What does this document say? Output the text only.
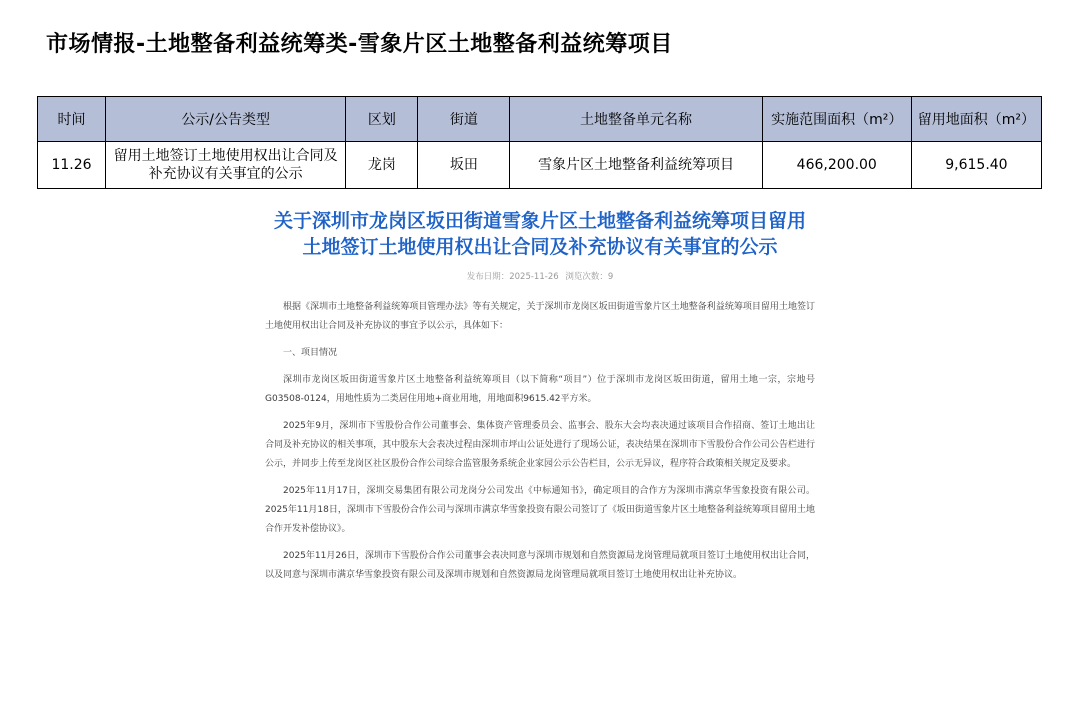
市场情报-土地整备利益统筹类-雪象片区土地整备利益统筹项目
时间	公示/公告类型	区划	街道	土地整备单元名称	实施范围面积（m²）	留用地面积（m²）
11.26	留用土地签订土地使用权出让合同及补充协议有关事宜的公示	龙岗	坂田	雪象片区土地整备利益统筹项目	466,200.00	9,615.40
关于深圳市龙岗区坂田街道雪象片区土地整备利益统筹项目留用土地签订土地使用权出让合同及补充协议有关事宜的公示
发布日期：2025-11-26 浏览次数：9

根据《深圳市土地整备利益统筹项目管理办法》等有关规定，关于深圳市龙岗区坂田街道雪象片区土地整备利益统筹项目留用土地签订土地使用权出让合同及补充协议的事宜予以公示，具体如下：

一、项目情况

深圳市龙岗区坂田街道雪象片区土地整备利益统筹项目（以下简称“项目”）位于深圳市龙岗区坂田街道，留用土地一宗，宗地号G03508-0124，用地性质为二类居住用地+商业用地，用地面积9615.42平方米。

2025年9月，深圳市下雪股份合作公司董事会、集体资产管理委员会、监事会、股东大会均表决通过该项目合作招商、签订土地出让合同及补充协议的相关事项，其中股东大会表决过程由深圳市坪山公证处进行了现场公证，表决结果在深圳市下雪股份合作公司公告栏进行公示，并同步上传至龙岗区社区股份合作公司综合监管服务系统企业家园公示公告栏目，公示无异议，程序符合政策相关规定及要求。

2025年11月17日，深圳交易集团有限公司龙岗分公司发出《中标通知书》，确定项目的合作方为深圳市满京华雪象投资有限公司。2025年11月18日，深圳市下雪股份合作公司与深圳市满京华雪象投资有限公司签订了《坂田街道雪象片区土地整备利益统筹项目留用土地合作开发补偿协议》。

2025年11月26日，深圳市下雪股份合作公司董事会表决同意与深圳市规划和自然资源局龙岗管理局就项目签订土地使用权出让合同，以及同意与深圳市满京华雪象投资有限公司及深圳市规划和自然资源局龙岗管理局就项目签订土地使用权出让补充协议。
